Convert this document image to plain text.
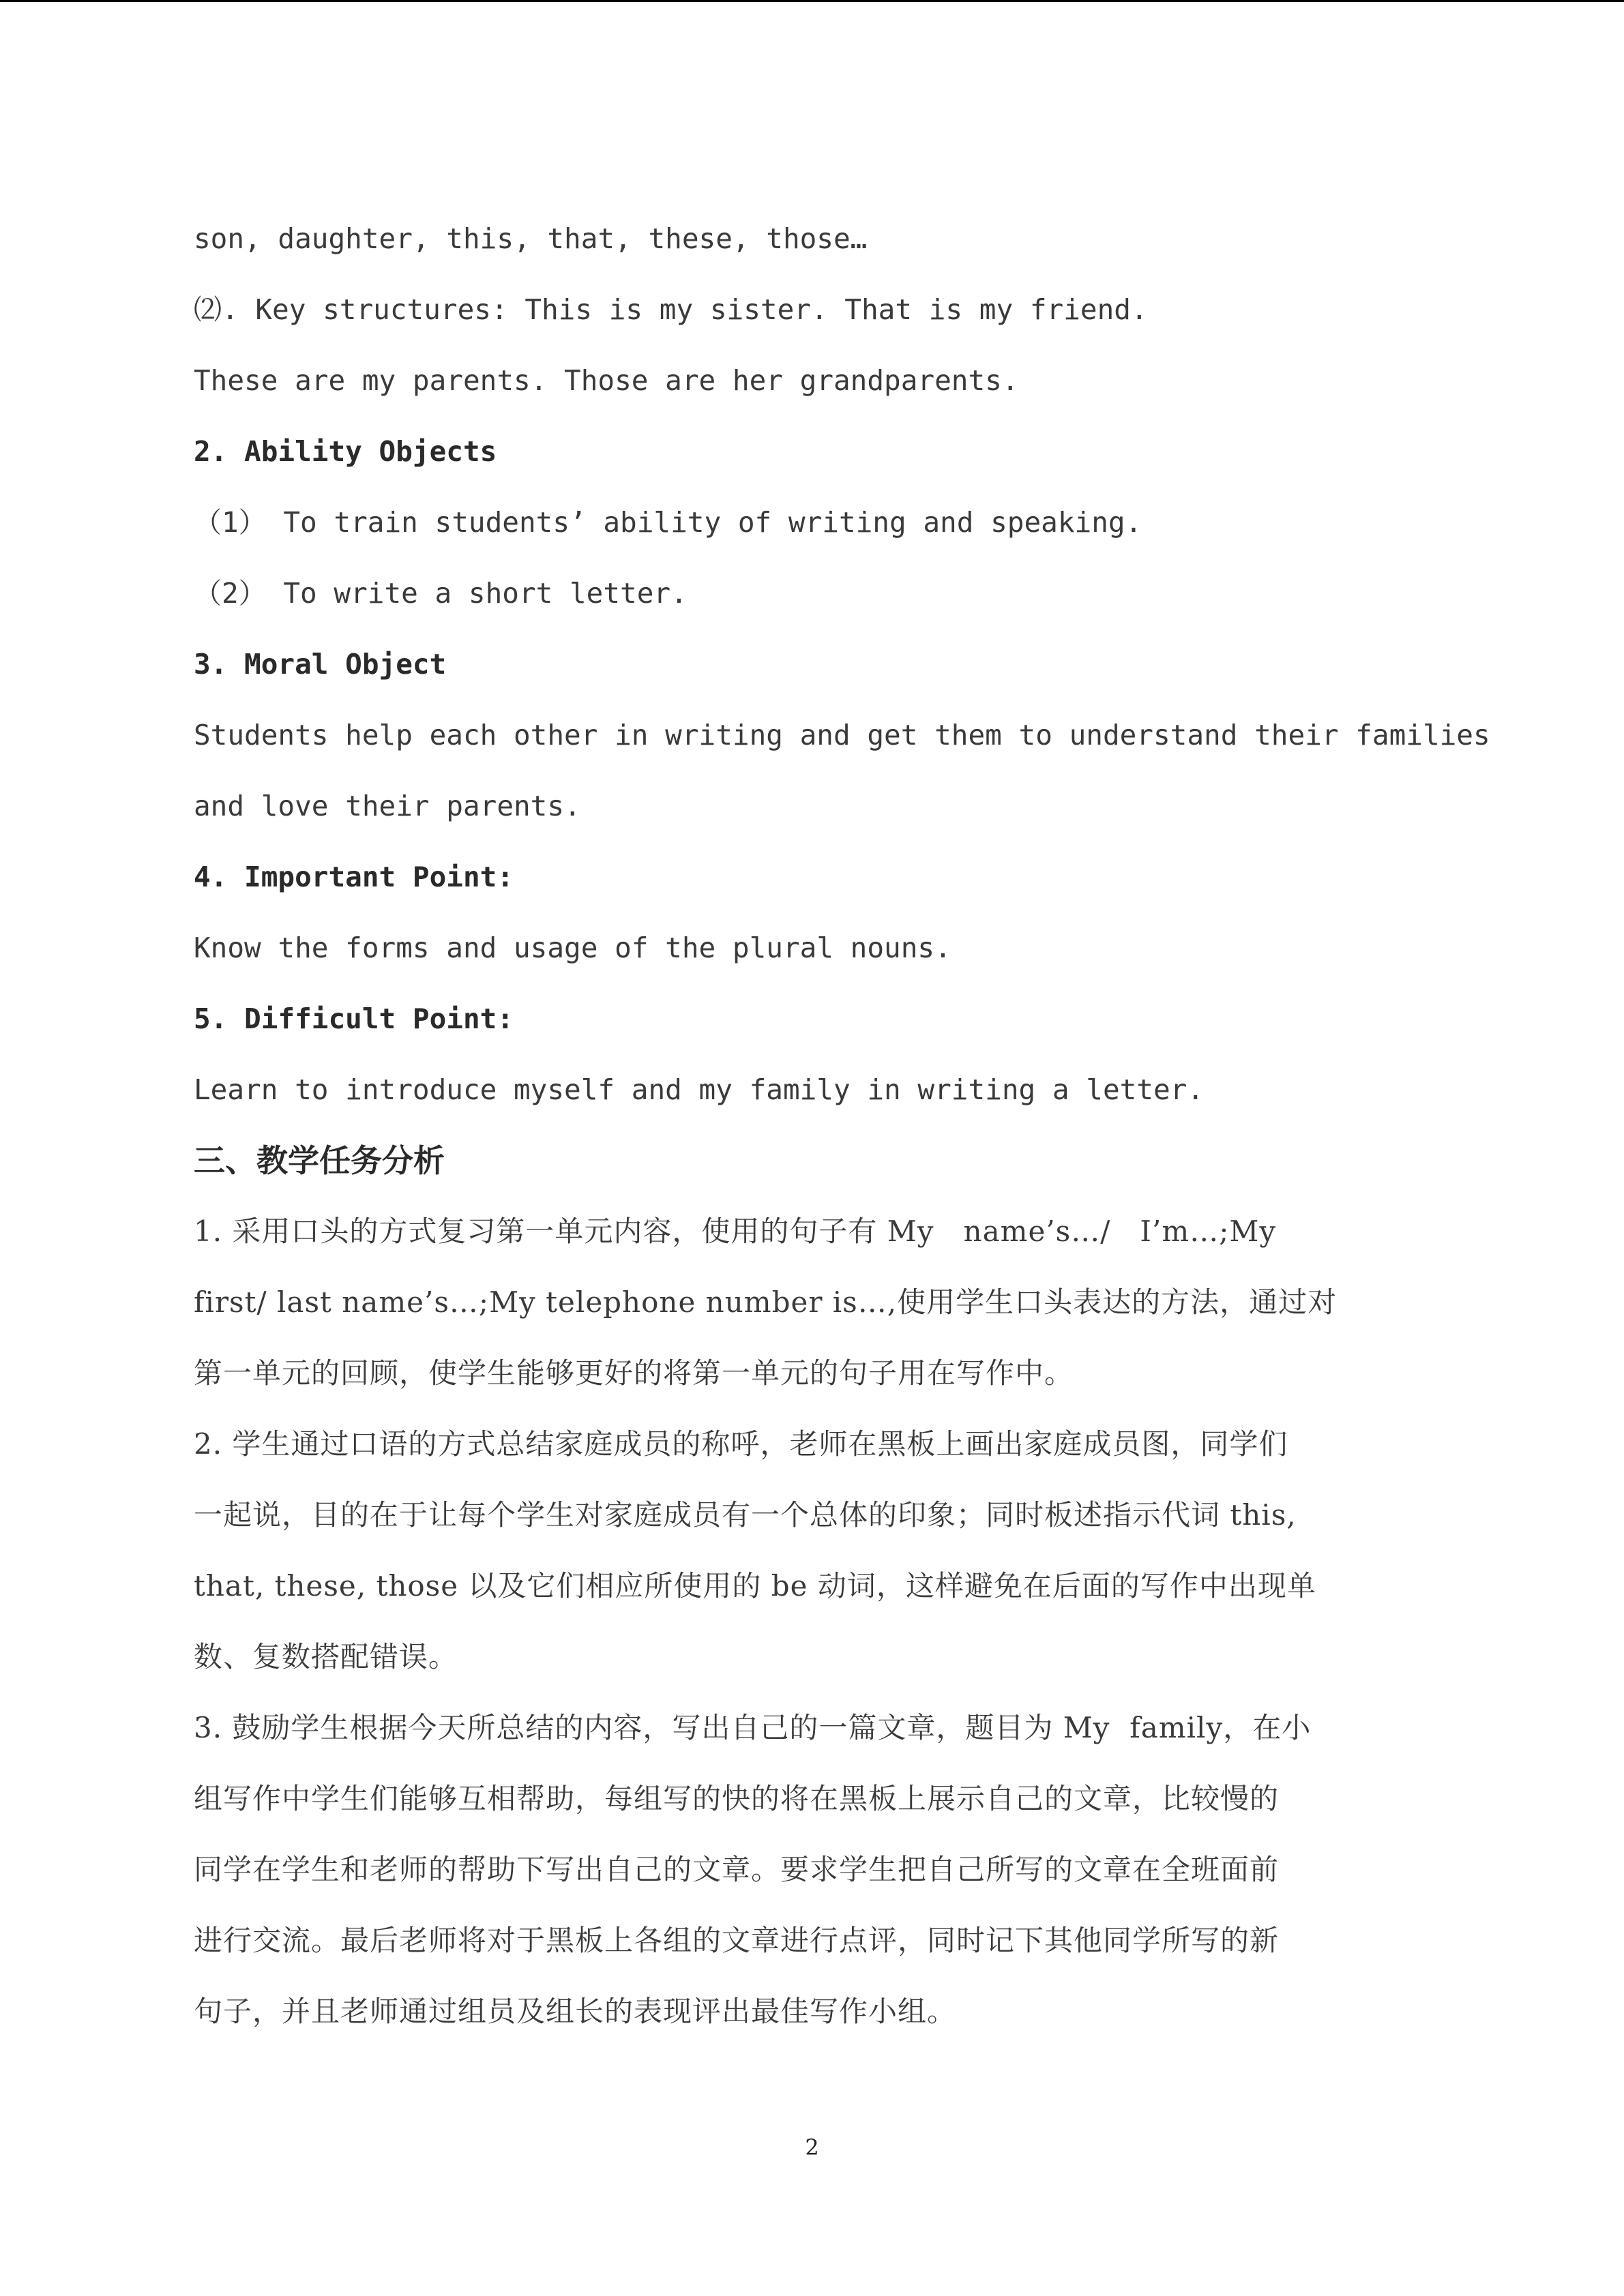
son, daughter, this, that, these, those…
⑵. Key structures: This is my sister. That is my friend.
These are my parents. Those are her grandparents.
2. Ability Objects
（1） To train students’ ability of writing and speaking.
（2） To write a short letter.
3. Moral Object
Students help each other in writing and get them to understand their families
and love their parents.
4. Important Point:
Know the forms and usage of the plural nouns.
5. Difficult Point:
Learn to introduce myself and my family in writing a letter.
三、教学任务分析
1. 采用口头的方式复习第一单元内容，使用的句子有 My   name’s…/   I’m…;My
first/ last name’s…;My telephone number is…,使用学生口头表达的方法，通过对
第一单元的回顾，使学生能够更好的将第一单元的句子用在写作中。
2. 学生通过口语的方式总结家庭成员的称呼，老师在黑板上画出家庭成员图，同学们
一起说，目的在于让每个学生对家庭成员有一个总体的印象；同时板述指示代词 this,
that, these, those 以及它们相应所使用的 be 动词，这样避免在后面的写作中出现单
数、复数搭配错误。
3. 鼓励学生根据今天所总结的内容，写出自己的一篇文章，题目为 My  family，在小
组写作中学生们能够互相帮助，每组写的快的将在黑板上展示自己的文章，比较慢的
同学在学生和老师的帮助下写出自己的文章。要求学生把自己所写的文章在全班面前
进行交流。最后老师将对于黑板上各组的文章进行点评，同时记下其他同学所写的新
句子，并且老师通过组员及组长的表现评出最佳写作小组。
2
